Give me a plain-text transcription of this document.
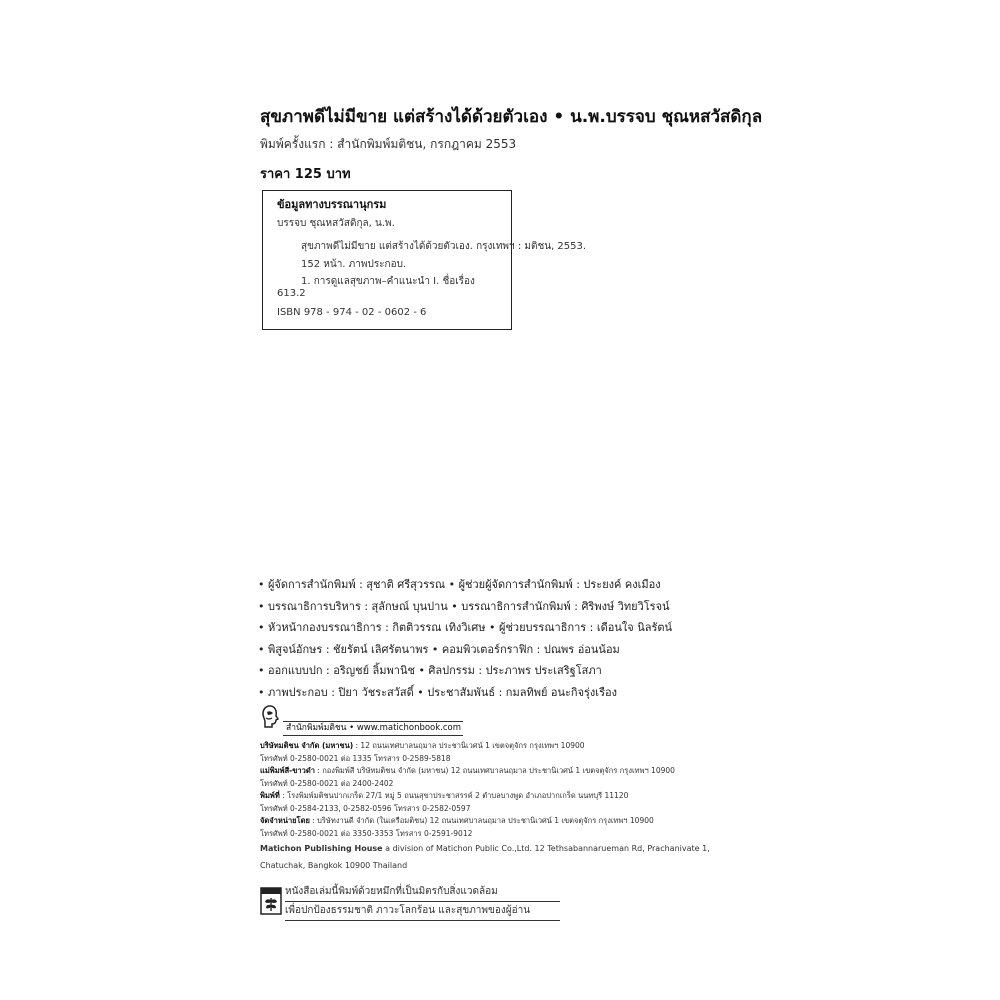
สุขภาพดีไม่มีขาย แต่สร้างได้ด้วยตัวเอง • น.พ.บรรจบ ชุณหสวัสดิกุล
พิมพ์ครั้งแรก : สำนักพิมพ์มติชน, กรกฎาคม 2553
ราคา 125 บาท
ข้อมูลทางบรรณานุกรม
บรรจบ ชุณหสวัสดิกุล, น.พ.
สุขภาพดีไม่มีขาย แต่สร้างได้ด้วยตัวเอง. กรุงเทพฯ : มติชน, 2553.
152 หน้า. ภาพประกอบ.
1. การดูแลสุขภาพ–คำแนะนำ I. ชื่อเรื่อง
613.2
ISBN 978 - 974 - 02 - 0602 - 6
• ผู้จัดการสำนักพิมพ์ : สุชาติ ศรีสุวรรณ • ผู้ช่วยผู้จัดการสำนักพิมพ์ : ประยงค์ คงเมือง
• บรรณาธิการบริหาร : สุลักษณ์ บุนปาน • บรรณาธิการสำนักพิมพ์ : ศิริพงษ์ วิทยวิโรจน์
• หัวหน้ากองบรรณาธิการ : กิตติวรรณ เทิงวิเศษ • ผู้ช่วยบรรณาธิการ : เดือนใจ นิลรัตน์
• พิสูจน์อักษร : ชัยรัตน์ เลิศรัตนาพร • คอมพิวเตอร์กราฟิก : ปณพร อ่อนน้อม
• ออกแบบปก : อริญชย์ ลิ้มพานิช • ศิลปกรรม : ประภาพร ประเสริฐโสภา
• ภาพประกอบ : ปิยา วัชระสวัสดิ์ • ประชาสัมพันธ์ : กมลทิพย์ อนะกิจรุ่งเรือง
สำนักพิมพ์มติชน • www.matichonbook.com
บริษัทมติชน จำกัด (มหาชน) : 12 ถนนเทศบาลนฤมาล ประชานิเวศน์ 1 เขตจตุจักร กรุงเทพฯ 10900
โทรศัพท์ 0-2580-0021 ต่อ 1335 โทรสาร 0-2589-5818
แม่พิมพ์สี-ขาวดำ : กองพิมพ์สี บริษัทมติชน จำกัด (มหาชน) 12 ถนนเทศบาลนฤมาล ประชานิเวศน์ 1 เขตจตุจักร กรุงเทพฯ 10900
โทรศัพท์ 0-2580-0021 ต่อ 2400-2402
พิมพ์ที่ : โรงพิมพ์มติชนปากเกร็ด 27/1 หมู่ 5 ถนนสุขาประชาสรรค์ 2 ตำบลบางพูด อำเภอปากเกร็ด นนทบุรี 11120
โทรศัพท์ 0-2584-2133, 0-2582-0596 โทรสาร 0-2582-0597
จัดจำหน่ายโดย : บริษัทงานดี จำกัด (ในเครือมติชน) 12 ถนนเทศบาลนฤมาล ประชานิเวศน์ 1 เขตจตุจักร กรุงเทพฯ 10900
โทรศัพท์ 0-2580-0021 ต่อ 3350-3353 โทรสาร 0-2591-9012
Matichon Publishing House a division of Matichon Public Co.,Ltd. 12 Tethsabannarueman Rd, Prachanivate 1,
Chatuchak, Bangkok 10900 Thailand
หนังสือเล่มนี้พิมพ์ด้วยหมึกที่เป็นมิตรกับสิ่งแวดล้อม
เพื่อปกป้องธรรมชาติ ภาวะโลกร้อน และสุขภาพของผู้อ่าน
